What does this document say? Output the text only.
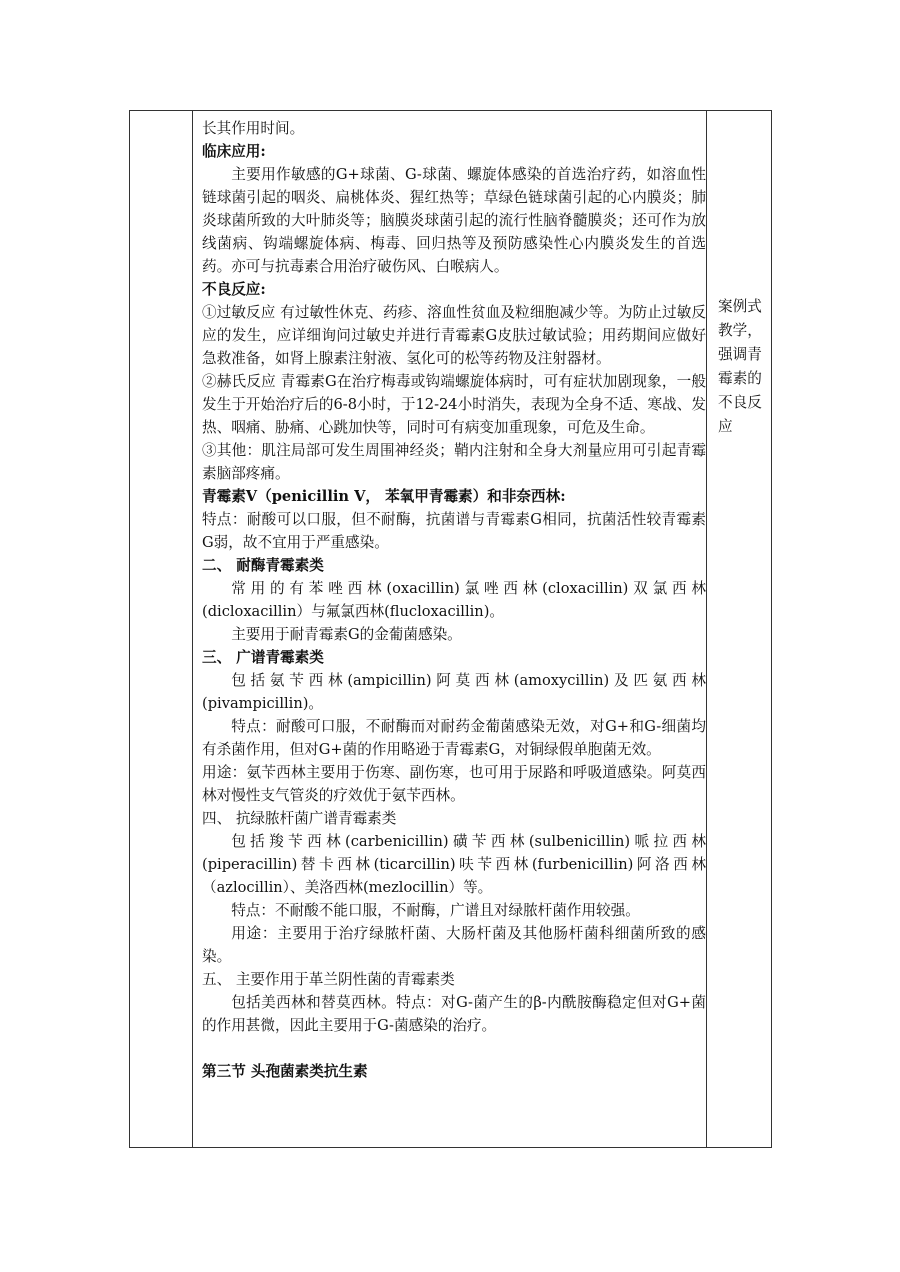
长其作用时间。

临床应用:

主要用作敏感的G+球菌、G-球菌、螺旋体感染的首选治疗药，如溶血性链球菌引起的咽炎、扁桃体炎、猩红热等；草绿色链球菌引起的心内膜炎；肺炎球菌所致的大叶肺炎等；脑膜炎球菌引起的流行性脑脊髓膜炎；还可作为放线菌病、钩端螺旋体病、梅毒、回归热等及预防感染性心内膜炎发生的首选药。亦可与抗毒素合用治疗破伤风、白喉病人。

不良反应:

①过敏反应 有过敏性休克、药疹、溶血性贫血及粒细胞减少等。为防止过敏反应的发生，应详细询问过敏史并进行青霉素G皮肤过敏试验；用药期间应做好急救准备，如肾上腺素注射液、氢化可的松等药物及注射器材。

②赫氏反应 青霉素G在治疗梅毒或钩端螺旋体病时，可有症状加剧现象，一般发生于开始治疗后的6-8小时，于12-24小时消失，表现为全身不适、寒战、发热、咽痛、胁痛、心跳加快等，同时可有病变加重现象，可危及生命。

③其他：肌注局部可发生周围神经炎；鞘内注射和全身大剂量应用可引起青霉素脑部疼痛。

青霉素V（penicillin V， 苯氧甲青霉素）和非奈西林:

特点：耐酸可以口服，但不耐酶，抗菌谱与青霉素G相同，抗菌活性较青霉素G弱，故不宜用于严重感染。

二、 耐酶青霉素类

常用的有苯唑西林(oxacillin)氯唑西林(cloxacillin)双氯西林(dicloxacillin）与氟氯西林(flucloxacillin)。

主要用于耐青霉素G的金葡菌感染。

三、 广谱青霉素类

包括氨苄西林(ampicillin)阿莫西林(amoxycillin)及匹氨西林(pivampicillin)。

特点：耐酸可口服，不耐酶而对耐药金葡菌感染无效，对G+和G-细菌均有杀菌作用，但对G+菌的作用略逊于青霉素G，对铜绿假单胞菌无效。

用途：氨苄西林主要用于伤寒、副伤寒，也可用于尿路和呼吸道感染。阿莫西林对慢性支气管炎的疗效优于氨苄西林。

四、 抗绿脓杆菌广谱青霉素类

包括羧苄西林(carbenicillin)磺苄西林(sulbenicillin)哌拉西林(piperacillin)替卡西林(ticarcillin)呋苄西林(furbenicillin)阿洛西林（azlocillin）、美洛西林(mezlocillin）等。

特点：不耐酸不能口服，不耐酶，广谱且对绿脓杆菌作用较强。

用途：主要用于治疗绿脓杆菌、大肠杆菌及其他肠杆菌科细菌所致的感染。

五、 主要作用于革兰阴性菌的青霉素类

包括美西林和替莫西林。特点：对G-菌产生的β-内酰胺酶稳定但对G+菌的作用甚微，因此主要用于G-菌感染的治疗。

第三节 头孢菌素类抗生素

案例式教学，强调青霉素的不良反应
